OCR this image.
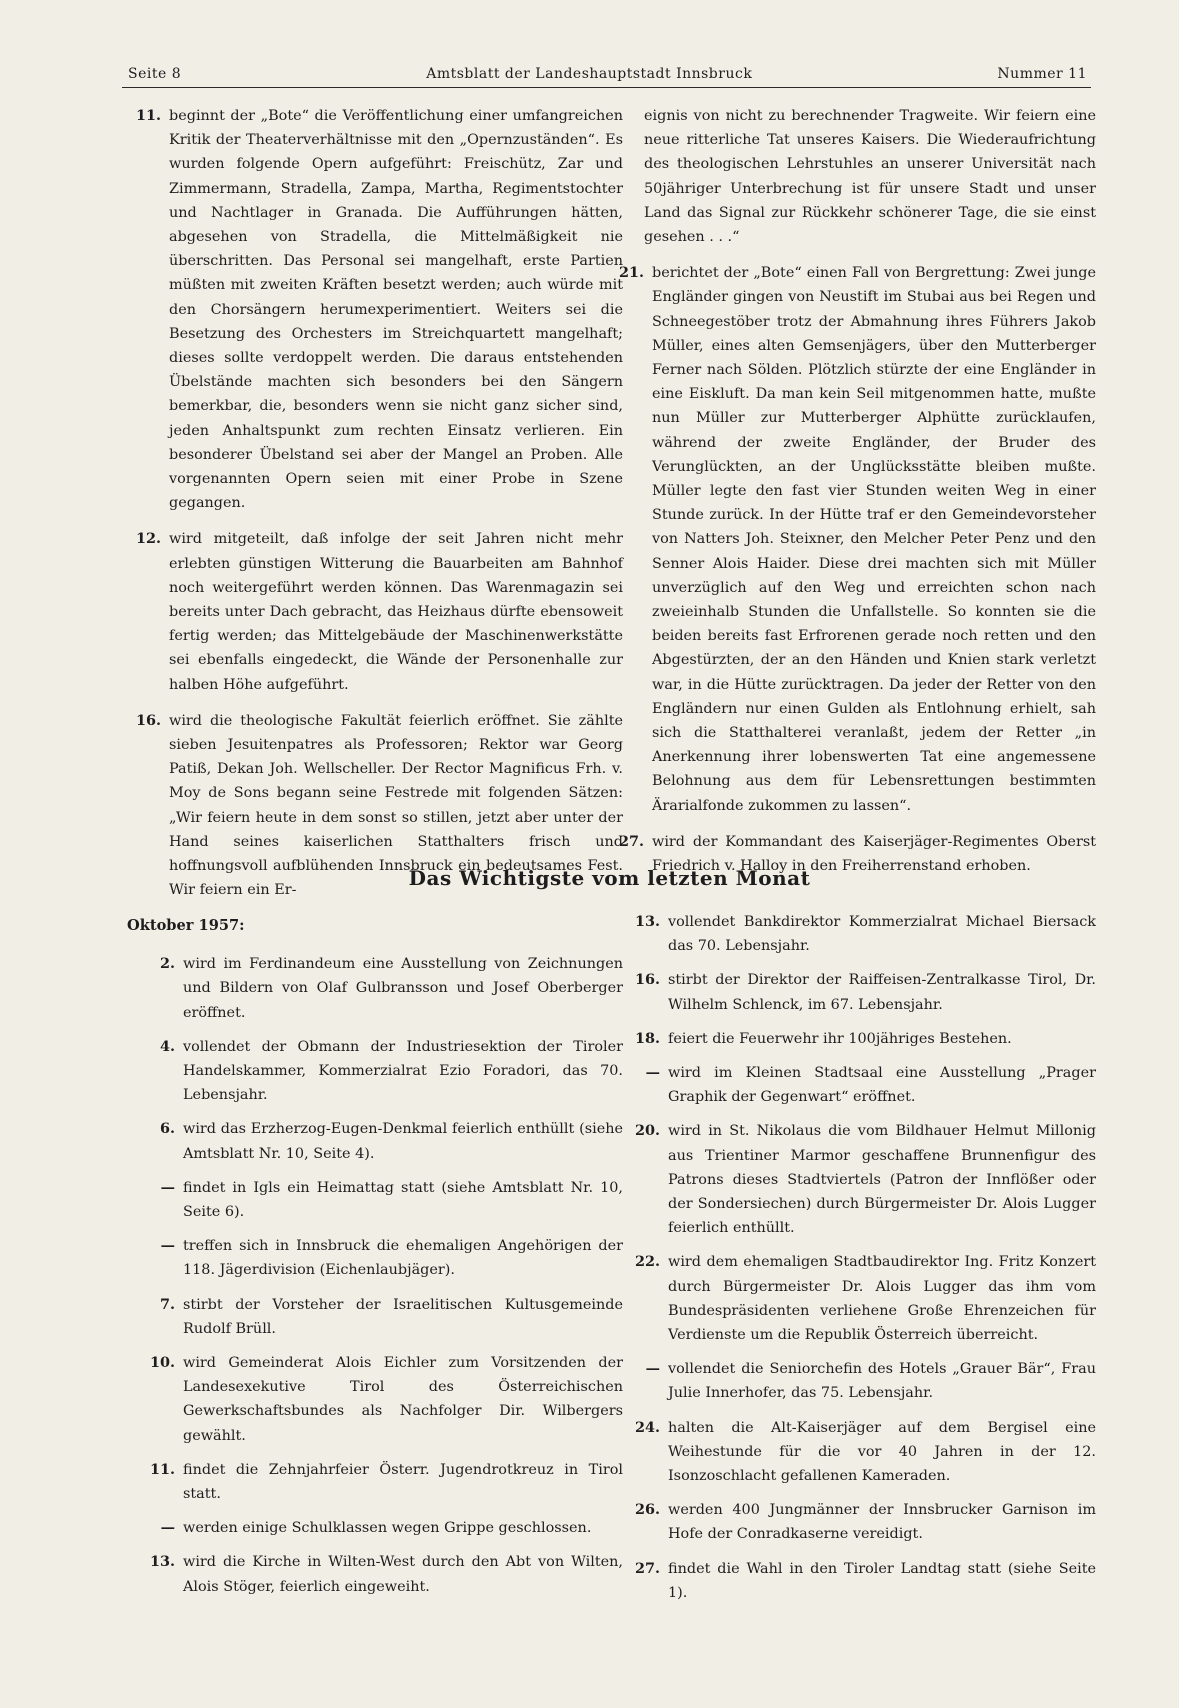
Seite 8	Amtsblatt der Landeshauptstadt Innsbruck	Nummer 11
11. beginnt der „Bote“ die Veröffentlichung einer umfangreichen Kritik der Theaterverhältnisse mit den „Opernzuständen“. Es wurden folgende Opern aufgeführt: Freischütz, Zar und Zimmermann, Stradella, Zampa, Martha, Regimentstochter und Nachtlager in Granada. Die Aufführungen hätten, abgesehen von Stradella, die Mittelmäßigkeit nie überschritten. Das Personal sei mangelhaft, erste Partien müßten mit zweiten Kräften besetzt werden; auch würde mit den Chorsängern herumexperimentiert. Weiters sei die Besetzung des Orchesters im Streichquartett mangelhaft; dieses sollte verdoppelt werden. Die daraus entstehenden Übelstände machten sich besonders bei den Sängern bemerkbar, die, besonders wenn sie nicht ganz sicher sind, jeden Anhaltspunkt zum rechten Einsatz verlieren. Ein besonderer Übelstand sei aber der Mangel an Proben. Alle vorgenannten Opern seien mit einer Probe in Szene gegangen.
12. wird mitgeteilt, daß infolge der seit Jahren nicht mehr erlebten günstigen Witterung die Bauarbeiten am Bahnhof noch weitergeführt werden können. Das Warenmagazin sei bereits unter Dach gebracht, das Heizhaus dürfte ebensoweit fertig werden; das Mittelgebäude der Maschinenwerkstätte sei ebenfalls eingedeckt, die Wände der Personenhalle zur halben Höhe aufgeführt.
16. wird die theologische Fakultät feierlich eröffnet. Sie zählte sieben Jesuitenpatres als Professoren; Rektor war Georg Patiß, Dekan Joh. Wellscheller. Der Rector Magnificus Frh. v. Moy de Sons begann seine Festrede mit folgenden Sätzen: „Wir feiern heute in dem sonst so stillen, jetzt aber unter der Hand seines kaiserlichen Statthalters frisch und hoffnungsvoll aufblühenden Innsbruck ein bedeutsames Fest. Wir feiern ein Er-
eignis von nicht zu berechnender Tragweite. Wir feiern eine neue ritterliche Tat unseres Kaisers. Die Wiederaufrichtung des theologischen Lehrstuhles an unserer Universität nach 50jähriger Unterbrechung ist für unsere Stadt und unser Land das Signal zur Rückkehr schönerer Tage, die sie einst gesehen . . .“
21. berichtet der „Bote“ einen Fall von Bergrettung: Zwei junge Engländer gingen von Neustift im Stubai aus bei Regen und Schneegestöber trotz der Abmahnung ihres Führers Jakob Müller, eines alten Gemsenjägers, über den Mutterberger Ferner nach Sölden. Plötzlich stürzte der eine Engländer in eine Eiskluft. Da man kein Seil mitgenommen hatte, mußte nun Müller zur Mutterberger Alphütte zurücklaufen, während der zweite Engländer, der Bruder des Verunglückten, an der Unglücksstätte bleiben mußte. Müller legte den fast vier Stunden weiten Weg in einer Stunde zurück. In der Hütte traf er den Gemeindevorsteher von Natters Joh. Steixner, den Melcher Peter Penz und den Senner Alois Haider. Diese drei machten sich mit Müller unverzüglich auf den Weg und erreichten schon nach zweieinhalb Stunden die Unfallstelle. So konnten sie die beiden bereits fast Erfrorenen gerade noch retten und den Abgestürzten, der an den Händen und Knien stark verletzt war, in die Hütte zurücktragen. Da jeder der Retter von den Engländern nur einen Gulden als Entlohnung erhielt, sah sich die Statthalterei veranlaßt, jedem der Retter „in Anerkennung ihrer lobenswerten Tat eine angemessene Belohnung aus dem für Lebensrettungen bestimmten Ärarialfonde zukommen zu lassen“.
27. wird der Kommandant des Kaiserjäger-Regimentes Oberst Friedrich v. Halloy in den Freiherrenstand erhoben.
Das Wichtigste vom letzten Monat
Oktober 1957:
2. wird im Ferdinandeum eine Ausstellung von Zeichnungen und Bildern von Olaf Gulbransson und Josef Oberberger eröffnet.
4. vollendet der Obmann der Industriesektion der Tiroler Handelskammer, Kommerzialrat Ezio Foradori, das 70. Lebensjahr.
6. wird das Erzherzog-Eugen-Denkmal feierlich enthüllt (siehe Amtsblatt Nr. 10, Seite 4).
— findet in Igls ein Heimattag statt (siehe Amtsblatt Nr. 10, Seite 6).
— treffen sich in Innsbruck die ehemaligen Angehörigen der 118. Jägerdivision (Eichenlaubjäger).
7. stirbt der Vorsteher der Israelitischen Kultusgemeinde Rudolf Brüll.
10. wird Gemeinderat Alois Eichler zum Vorsitzenden der Landesexekutive Tirol des Österreichischen Gewerkschaftsbundes als Nachfolger Dir. Wilbergers gewählt.
11. findet die Zehnjahrfeier Österr. Jugendrotkreuz in Tirol statt.
— werden einige Schulklassen wegen Grippe geschlossen.
13. wird die Kirche in Wilten-West durch den Abt von Wilten, Alois Stöger, feierlich eingeweiht.
13. vollendet Bankdirektor Kommerzialrat Michael Biersack das 70. Lebensjahr.
16. stirbt der Direktor der Raiffeisen-Zentralkasse Tirol, Dr. Wilhelm Schlenck, im 67. Lebensjahr.
18. feiert die Feuerwehr ihr 100jähriges Bestehen.
— wird im Kleinen Stadtsaal eine Ausstellung „Prager Graphik der Gegenwart“ eröffnet.
20. wird in St. Nikolaus die vom Bildhauer Helmut Millonig aus Trientiner Marmor geschaffene Brunnenfigur des Patrons dieses Stadtviertels (Patron der Innflößer oder der Sondersiechen) durch Bürgermeister Dr. Alois Lugger feierlich enthüllt.
22. wird dem ehemaligen Stadtbaudirektor Ing. Fritz Konzert durch Bürgermeister Dr. Alois Lugger das ihm vom Bundespräsidenten verliehene Große Ehrenzeichen für Verdienste um die Republik Österreich überreicht.
— vollendet die Seniorchefin des Hotels „Grauer Bär“, Frau Julie Innerhofer, das 75. Lebensjahr.
24. halten die Alt-Kaiserjäger auf dem Bergisel eine Weihestunde für die vor 40 Jahren in der 12. Isonzoschlacht gefallenen Kameraden.
26. werden 400 Jungmänner der Innsbrucker Garnison im Hofe der Conradkaserne vereidigt.
27. findet die Wahl in den Tiroler Landtag statt (siehe Seite 1).
